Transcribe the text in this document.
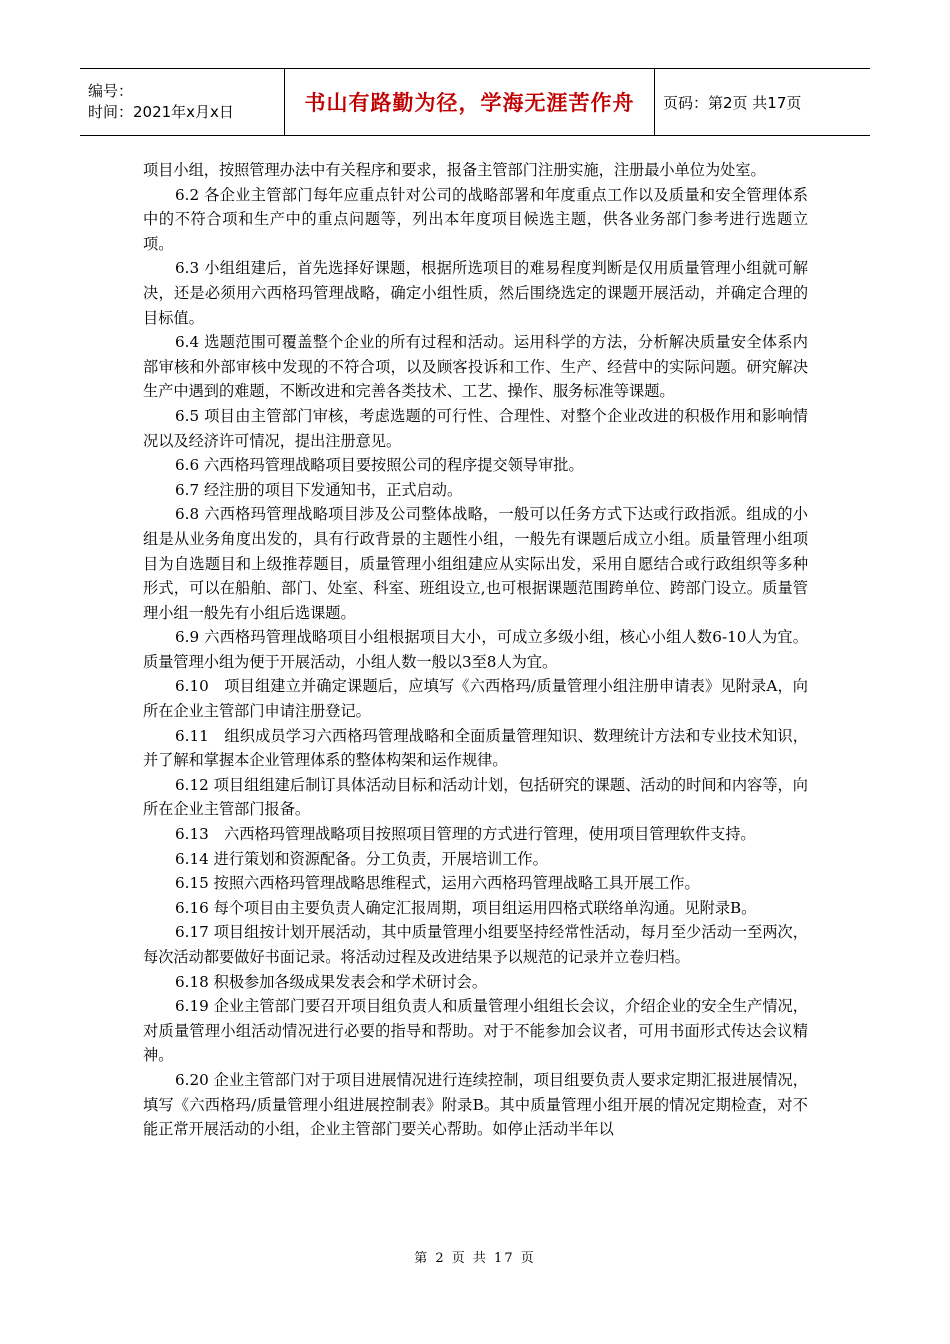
编号：
时间：2021年x月x日	书山有路勤为径，学海无涯苦作舟	页码：第2页 共17页

项目小组，按照管理办法中有关程序和要求，报备主管部门注册实施，注册最小单位为处室。

6.2 各企业主管部门每年应重点针对公司的战略部署和年度重点工作以及质量和安全管理体系中的不符合项和生产中的重点问题等，列出本年度项目候选主题，供各业务部门参考进行选题立项。

6.3 小组组建后，首先选择好课题，根据所选项目的难易程度判断是仅用质量管理小组就可解决，还是必须用六西格玛管理战略，确定小组性质，然后围绕选定的课题开展活动，并确定合理的目标值。

6.4 选题范围可覆盖整个企业的所有过程和活动。运用科学的方法，分析解决质量安全体系内部审核和外部审核中发现的不符合项，以及顾客投诉和工作、生产、经营中的实际问题。研究解决生产中遇到的难题，不断改进和完善各类技术、工艺、操作、服务标准等课题。

6.5 项目由主管部门审核，考虑选题的可行性、合理性、对整个企业改进的积极作用和影响情况以及经济许可情况，提出注册意见。

6.6 六西格玛管理战略项目要按照公司的程序提交领导审批。

6.7 经注册的项目下发通知书，正式启动。

6.8 六西格玛管理战略项目涉及公司整体战略，一般可以任务方式下达或行政指派。组成的小组是从业务角度出发的，具有行政背景的主题性小组，一般先有课题后成立小组。质量管理小组项目为自选题目和上级推荐题目，质量管理小组组建应从实际出发，采用自愿结合或行政组织等多种形式，可以在船舶、部门、处室、科室、班组设立,也可根据课题范围跨单位、跨部门设立。质量管理小组一般先有小组后选课题。

6.9 六西格玛管理战略项目小组根据项目大小，可成立多级小组，核心小组人数6-10人为宜。质量管理小组为便于开展活动，小组人数一般以3至8人为宜。

6.10　项目组建立并确定课题后，应填写《六西格玛/质量管理小组注册申请表》见附录A，向所在企业主管部门申请注册登记。

6.11　组织成员学习六西格玛管理战略和全面质量管理知识、数理统计方法和专业技术知识，并了解和掌握本企业管理体系的整体构架和运作规律。

6.12 项目组组建后制订具体活动目标和活动计划，包括研究的课题、活动的时间和内容等，向所在企业主管部门报备。

6.13　六西格玛管理战略项目按照项目管理的方式进行管理，使用项目管理软件支持。

6.14 进行策划和资源配备。分工负责，开展培训工作。

6.15 按照六西格玛管理战略思维程式，运用六西格玛管理战略工具开展工作。

6.16 每个项目由主要负责人确定汇报周期，项目组运用四格式联络单沟通。见附录B。

6.17 项目组按计划开展活动，其中质量管理小组要坚持经常性活动，每月至少活动一至两次，每次活动都要做好书面记录。将活动过程及改进结果予以规范的记录并立卷归档。

6.18 积极参加各级成果发表会和学术研讨会。

6.19 企业主管部门要召开项目组负责人和质量管理小组组长会议，介绍企业的安全生产情况，对质量管理小组活动情况进行必要的指导和帮助。对于不能参加会议者，可用书面形式传达会议精神。

6.20 企业主管部门对于项目进展情况进行连续控制，项目组要负责人要求定期汇报进展情况，填写《六西格玛/质量管理小组进展控制表》附录B。其中质量管理小组开展的情况定期检查，对不能正常开展活动的小组，企业主管部门要关心帮助。如停止活动半年以

第 2 页 共 17 页
